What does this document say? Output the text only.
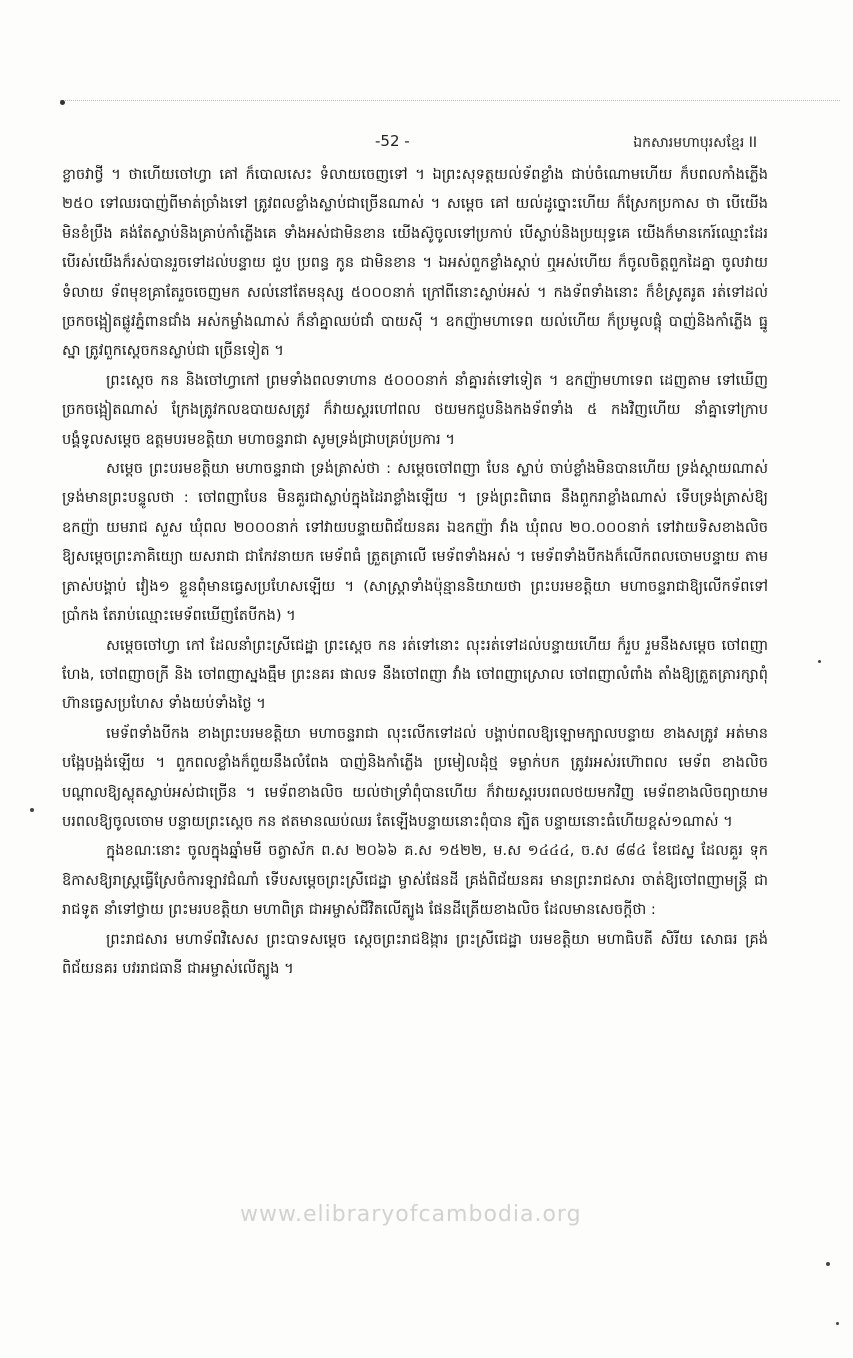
-52 -	ឯកសារមហាបុរសខ្មែរ II

ខ្លាចវាថ្វី ។ ថាហើយចៅហ្វា គៅ ក៏បោលសេះ ទំលាយចេញទៅ ។ ឯព្រះសុទត្តយល់ទ័ពខ្លាំង ជាប់ចំណោមហើយ ក៏បពលកាំងភ្លើង ២៥០ ទៅឈរបាញ់ពីមាត់ច្រាំងទៅ ត្រូវពលខ្លាំងស្លាប់ជាច្រើនណាស់ ។ សម្តេច គៅ យល់ដូច្នោះហើយ ក៏ស្រែកប្រកាស ថា បើយើងមិនខំប្រឹង គង់តែស្លាប់និងគ្រាប់កាំភ្លើងគេ ទាំងអស់ជាមិនខាន យើងស៊ូចូលទៅប្រកាប់ បើស្លាប់និងប្រយុទ្ធគេ យើងក៏មានកេរ៍ឈ្មោះដែរ បើរស់យើងក៏រស់បានរួចទៅដល់បន្ទាយ ជួប ប្រពន្ធ កូន ជាមិនខាន ។ ឯអស់ពួកខ្លាំងស្តាប់ ឮអស់ហើយ ក៏ចូលចិត្តពួកដៃគ្នា ចូលវាយទំលាយ ទ័ពមុខគ្រាតែរួចចេញមក សល់នៅតែមនុស្ស ៥០០០នាក់ ក្រៅពីនោះស្លាប់អស់ ។ កងទ័ពទាំងនោះ ក៏ខំស្រូតរូត រត់ទៅដល់ច្រកចង្អៀតផ្លូវភ្នំពានជាំង អស់កម្លាំងណាស់ ក៏នាំគ្នាឈប់ជាំ បាយស៊ី ។ ឧកញ៉ាមហាទេព យល់ហើយ ក៏ប្រមូលផ្តុំ បាញ់និងកាំភ្លើង ធ្នូ ស្នា ត្រូវពួកស្តេចកនស្លាប់ជា ច្រើនទៀត ។

ព្រះស្តេច កន និងចៅហ្វាកៅ ព្រមទាំងពលទាហាន ៥០០០នាក់ នាំគ្នារត់ទៅទៀត ។ ឧកញ៉ាមហាទេព ដេញតាម ទៅឃើញច្រកចង្អៀតណាស់ ក្រែងត្រូវកលឧបាយសត្រូវ ក៏វាយស្គរហៅពល ថយមកជួបនិងកងទ័ពទាំង ៥ កងវិញហើយ នាំគ្នាទៅក្រាបបង្គំទូលសម្តេច ឧត្តមបរមខត្តិយា មហាចន្ទរាជា សូមទ្រង់ជ្រាបគ្រប់ប្រការ ។

សម្តេច ព្រះបរមខត្តិយា មហាចន្ទរាជា ទ្រង់ត្រាស់ថា : សម្តេចចៅពញា បែន ស្លាប់ ចាប់ខ្លាំងមិនបានហើយ ទ្រង់ស្តាយណាស់ ទ្រង់មានព្រះបន្ទូលថា : ចៅពញាបែន មិនគួរជាស្លាប់ក្នុងដៃរាខ្លាំងឡើយ ។ ទ្រង់ព្រះពិរោធ នឹងពួករាខ្លាំងណាស់ ទើបទ្រង់ត្រាស់ឱ្យឧកញ៉ា យមរាជ សួស ឃុំពល ២០០០នាក់ ទៅវាយបន្ទាយពិជ័យនគរ ឯឧកញ៉ា វាំង ឃុំពល ២០.០០០នាក់ ទៅវាយទិសខាងលិច ឱ្យសម្តេចព្រះភាគិយ្យោ យសរាជា ជាកែវនាយក មេទ័ពធំ ត្រួតត្រាលើ មេទ័ពទាំងអស់ ។ មេទ័ពទាំងបីកងក៏លើកពលចោមបន្ទាយ តាមត្រាស់បង្គាប់ វៀង១ ខ្លួនពុំមានធ្វេសប្រហែសឡើយ ។ (សាស្ត្រាទាំងប៉ុន្មាននិយាយថា ព្រះបរមខត្តិយា មហាចន្ទរាជាឱ្យលើកទ័ពទៅ ប្រាំកង តែរាប់ឈ្មោះមេទ័ពឃើញតែបីកង) ។

សម្តេចចៅហ្វា កៅ ដែលនាំព្រះស្រីជេដ្ឋា ព្រះស្តេច កន រត់ទៅនោះ លុះរត់ទៅដល់បន្ទាយហើយ ក៏រួប រួមនឹងសម្តេច ចៅពញា ហែង, ចៅពញាចក្រី និង ចៅពញាស្នងធ្មឹម ព្រះនគរ ផាលទ នឹងចៅពញា វាំង ចៅពញាស្រោល ចៅពញាលំពាំង តាំងឱ្យត្រួតត្រារក្សាពុំហ៊ានធ្វេសប្រហែស ទាំងយប់ទាំងថ្ងៃ ។

មេទ័ពទាំងបីកង ខាងព្រះបរមខត្តិយា មហាចន្ទរាជា លុះលើកទៅដល់ បង្គាប់ពលឱ្យឡោមក្បាលបន្ទាយ ខាងសត្រូវ អត់មានបង្អែបង្អង់ឡើយ ។ ពួកពលខ្លាំងក៏ពួយនឹងលំពែង បាញ់និងកាំភ្លើង ប្រមៀលដុំថ្ម ទម្លាក់បក ត្រូវរអស់រហ៊ោពល មេទ័ព ខាងលិច បណ្តាលឱ្យស្លុតស្លាប់អស់ជាច្រើន ។ មេទ័ពខាងលិច យល់ថាទ្រាំពុំបានហើយ ក៏វាយស្គរបរពលថយមកវិញ មេទ័ពខាងលិចព្យាយាមបរពលឱ្យចូលចោម បន្ទាយព្រះស្តេច កន ឥតមានឈប់ឈរ តែឡើងបន្ទាយនោះពុំបាន ត្បិត បន្ទាយនោះធំហើយខ្ពស់១ណាស់ ។

ក្នុងខណៈនោះ ចូលក្នុងឆ្នាំមមី ចត្វាស័ក ព.ស ២០៦៦ គ.ស ១៥២២, ម.ស ១៤៤៤, ច.ស ៨៨៤ ខែជេស្ឋ ដែលគួរ ទុកឱកាសឱ្យរាស្ត្រធ្វើស្រែចំការឡាវជំណាំ ទើបសម្តេចព្រះស្រីជេដ្ឋា ម្ចាស់ផែនដី គ្រង់ពិជ័យនគរ មានព្រះរាជសារ ចាត់ឱ្យចៅពញាមន្ត្រី ជារាជទូត នាំទៅថ្វាយ ព្រះមរបខត្តិយា មហាពិត្រ ជាអម្ចាស់ជីវិតលើត្បូង ផែនដីត្រើយខាងលិច ដែលមានសេចក្តីថា :

ព្រះរាជសារ មហាទ័ពវិសេស ព្រះបាទសម្តេច ស្តេចព្រះរាជឱង្ការ ព្រះស្រីជេដ្ឋា បរមខត្តិយា មហាធិបតី សិរីយ សោធរ គ្រង់ពិជ័យនគរ បវររាជធានី ជាអម្ចាស់លើត្បូង ។

www.elibraryofcambodia.org
